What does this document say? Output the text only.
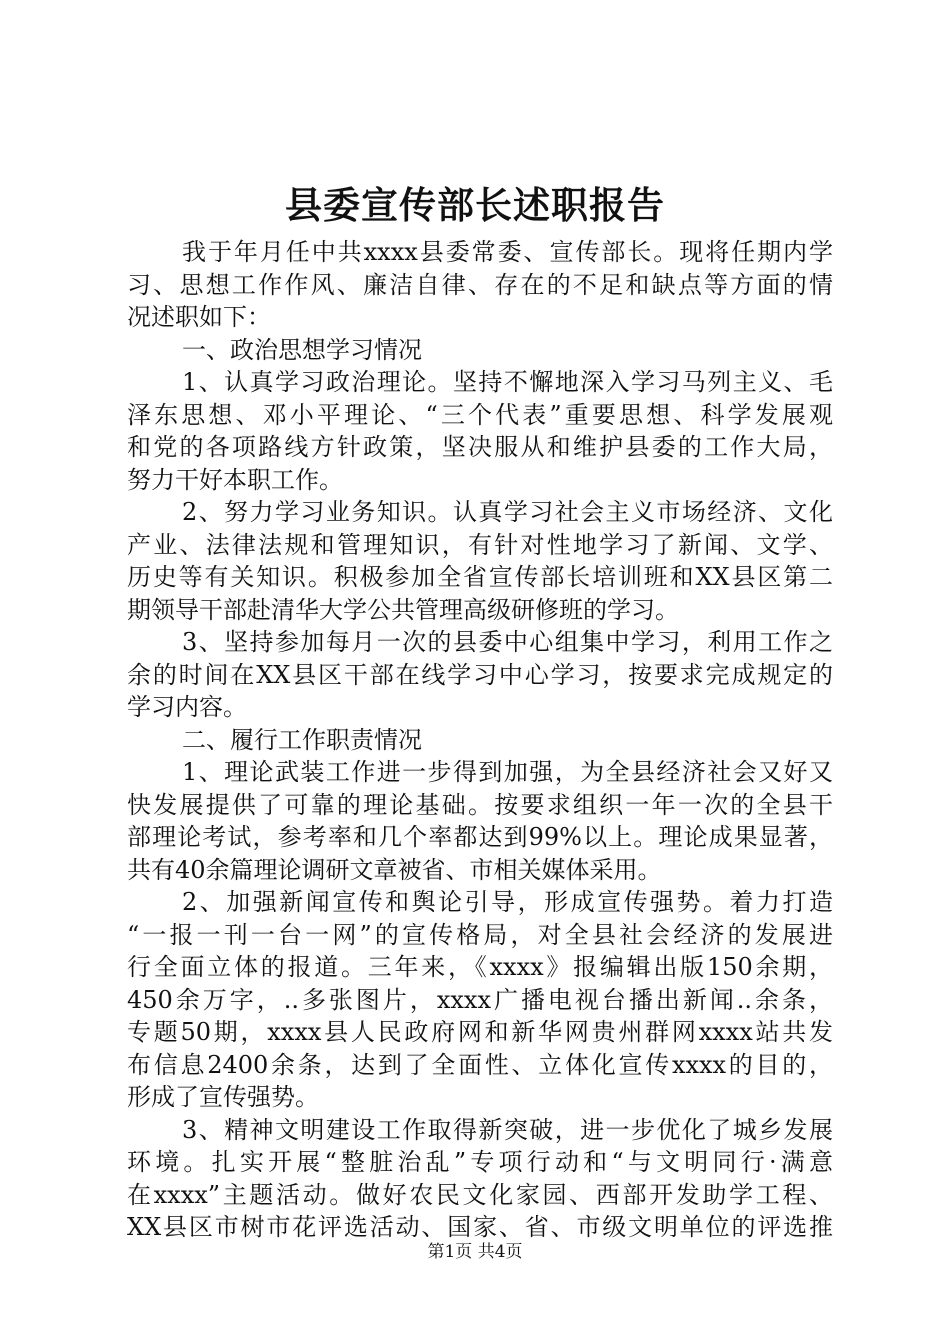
县委宣传部长述职报告
我于年月任中共xxxx县委常委、宣传部长。现将任期内学
习、思想工作作风、廉洁自律、存在的不足和缺点等方面的情
况述职如下：
一、政治思想学习情况
1、认真学习政治理论。坚持不懈地深入学习马列主义、毛
泽东思想、邓小平理论、“三个代表”重要思想、科学发展观
和党的各项路线方针政策，坚决服从和维护县委的工作大局，
努力干好本职工作。
2、努力学习业务知识。认真学习社会主义市场经济、文化
产业、法律法规和管理知识，有针对性地学习了新闻、文学、
历史等有关知识。积极参加全省宣传部长培训班和XX县区第二
期领导干部赴清华大学公共管理高级研修班的学习。
3、坚持参加每月一次的县委中心组集中学习，利用工作之
余的时间在XX县区干部在线学习中心学习，按要求完成规定的
学习内容。
二、履行工作职责情况
1、理论武装工作进一步得到加强，为全县经济社会又好又
快发展提供了可靠的理论基础。按要求组织一年一次的全县干
部理论考试，参考率和几个率都达到99%以上。理论成果显著，
共有40余篇理论调研文章被省、市相关媒体采用。
2、加强新闻宣传和舆论引导，形成宣传强势。着力打造
“一报一刊一台一网”的宣传格局，对全县社会经济的发展进
行全面立体的报道。三年来，《xxxx》报编辑出版150余期，
450余万字，..多张图片，xxxx广播电视台播出新闻..余条，
专题50期，xxxx县人民政府网和新华网贵州群网xxxx站共发
布信息2400余条，达到了全面性、立体化宣传xxxx的目的，
形成了宣传强势。
3、精神文明建设工作取得新突破，进一步优化了城乡发展
环境。扎实开展“整脏治乱”专项行动和“与文明同行·满意
在xxxx”主题活动。做好农民文化家园、西部开发助学工程、
XX县区市树市花评选活动、国家、省、市级文明单位的评选推
第1页 共4页
